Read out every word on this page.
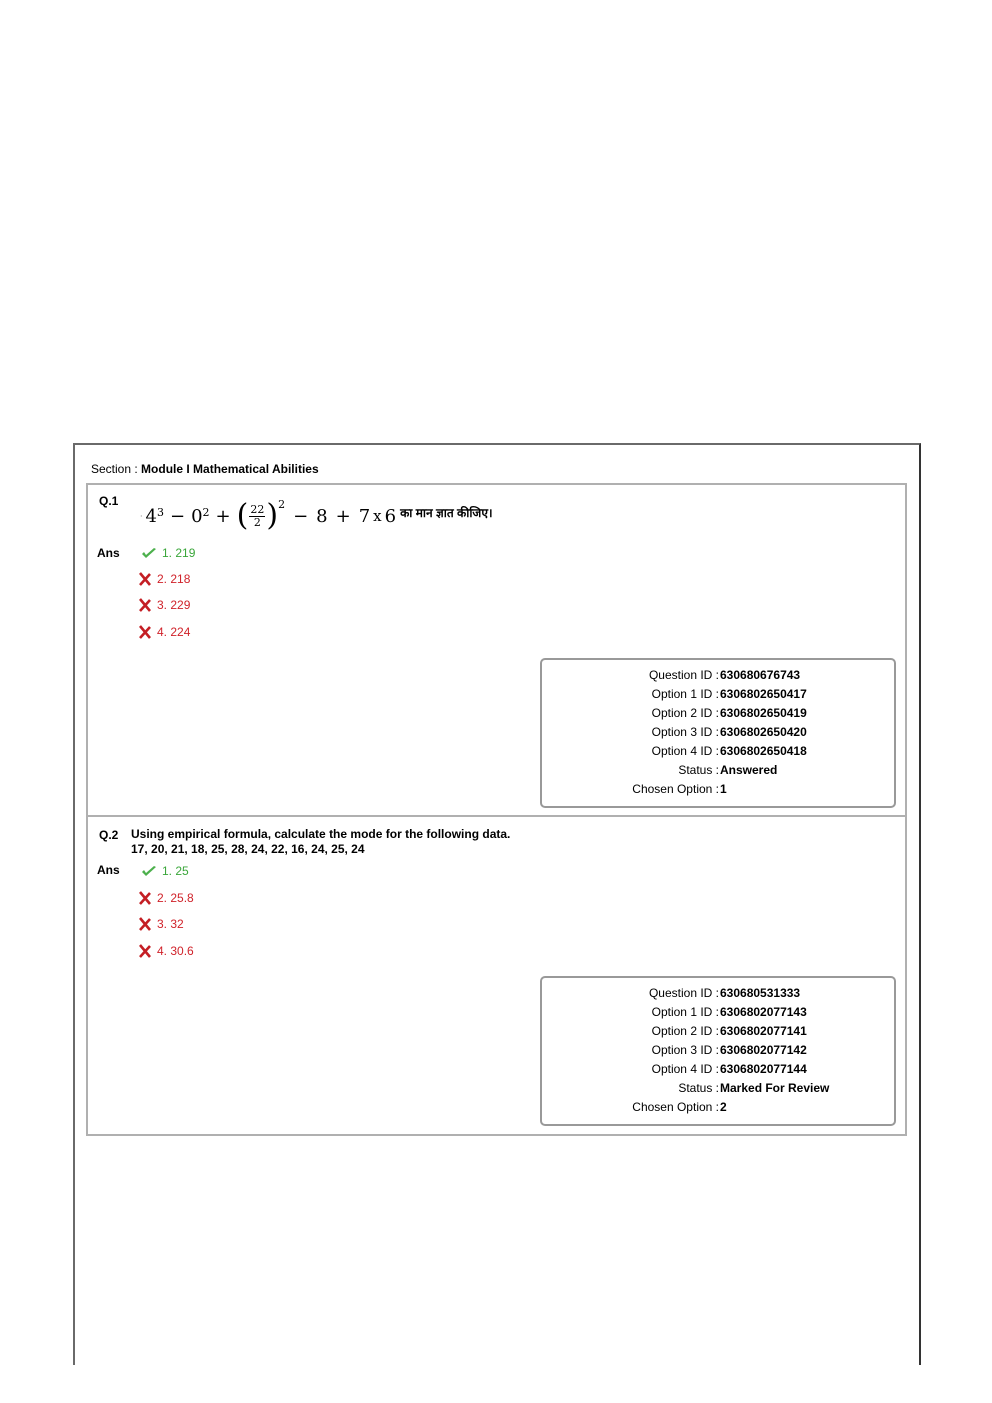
Section : Module I Mathematical Abilities
Q.1
· $4^3 - 0^2$ + ( $\frac{22}{2} )^2$
− 8 + 7 x 6 का मान ज्ञात कीजिए।
Ans	1. 219
2. 218
3. 229
4. 224
Question ID : 630680676743
Option 1 ID : 6306802650417
Option 2 ID : 6306802650419
Option 3 ID : 6306802650420
Option 4 ID : 6306802650418
Status : Answered
Chosen Option : 1
Q.2 Using empirical formula, calculate the mode for the following data.
17, 20, 21, 18, 25, 28, 24, 22, 16, 24, 25, 24
Ans	1. 25
2. 25.8
3. 32
4. 30.6
Question ID : 630680531333
Option 1 ID : 6306802077143
Option 2 ID : 6306802077141
Option 3 ID : 6306802077142
Option 4 ID : 6306802077144
Status : Marked For Review
Chosen Option : 2
